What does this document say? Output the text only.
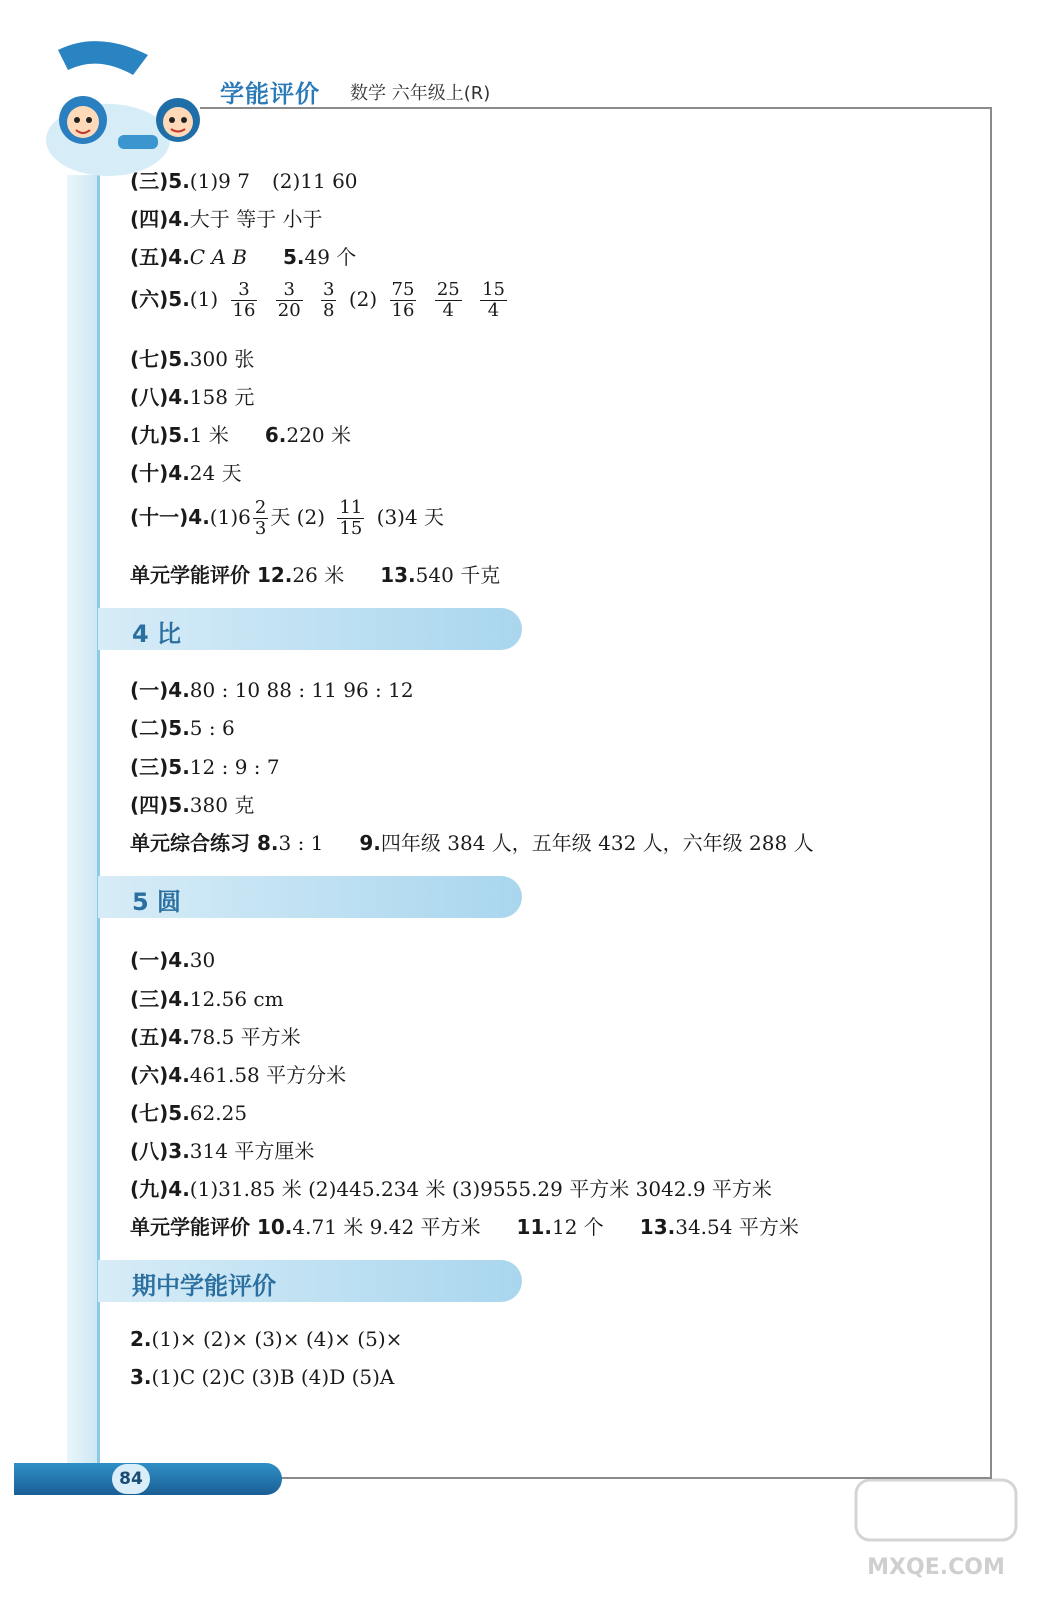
学能评价 数学 六年级上(R)
(三)5.(1)9 7 (2)11 60
(四)4.大于 等于 小于
(五)4.C A B 5.49 个
(六)$5.(1) \frac{3}{16}$
$\frac{3}{20}$
$\frac{3}{8} (2) \frac{75}{16}$
$\frac{25}{4}$
$\frac{15}{4}$
(七)5.300 张
(八)4.158 元
(九)5.1 米 6.220 米
(十)4.24 天
(十一)$4.(1)6 \frac{2}{3}$ 天 $(2) \frac{11}{15} (3)4$ 天
单元学能评价 12.26 米 13.540 千克
4 比
(一)4.80 : 10 88 : 11 96 : 12
(二)5.5 : 6
(三)5.12 : 9 : 7
(四)5.380 克
单元综合练习 8.3 : 1 9.四年级 384 人，五年级 432 人，六年级 288 人
5 圆
(一)4.30
(三)4.12.56 cm
(五)4.78.5 平方米
(六)4.461.58 平方分米
(七)5.62.25
(八)3.314 平方厘米
(九)4.(1)31.85 米 (2)445.234 米 (3)9555.29 平方米 3042.9 平方米
单元学能评价 10.4.71 米 9.42 平方米 11.12 个 13.34.54 平方米
期中学能评价
2.(1)× (2)× (3)× (4)× (5)×
3.(1)C (2)C (3)B (4)D (5)A
84
MXQE.COM
